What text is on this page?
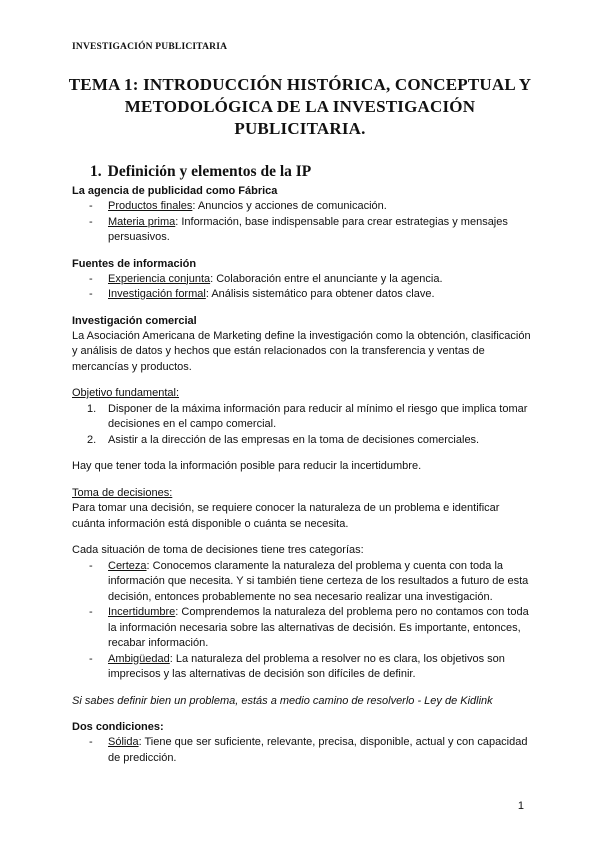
INVESTIGACIÓN PUBLICITARIA
TEMA 1: INTRODUCCIÓN HISTÓRICA, CONCEPTUAL Y METODOLÓGICA DE LA INVESTIGACIÓN PUBLICITARIA.
1. Definición y elementos de la IP

La agencia de publicidad como Fábrica

- Productos finales: Anuncios y acciones de comunicación.
- Materia prima: Información, base indispensable para crear estrategias y mensajes persuasivos.

Fuentes de información

- Experiencia conjunta: Colaboración entre el anunciante y la agencia.
- Investigación formal: Análisis sistemático para obtener datos clave.

Investigación comercial

La Asociación Americana de Marketing define la investigación como la obtención, clasificación y análisis de datos y hechos que están relacionados con la transferencia y ventas de mercancías y productos.

Objetivo fundamental:

1. Disponer de la máxima información para reducir al mínimo el riesgo que implica tomar decisiones en el campo comercial.
2. Asistir a la dirección de las empresas en la toma de decisiones comerciales.

Hay que tener toda la información posible para reducir la incertidumbre.

Toma de decisiones:

Para tomar una decisión, se requiere conocer la naturaleza de un problema e identificar cuánta información está disponible o cuánta se necesita.

Cada situación de toma de decisiones tiene tres categorías:

- Certeza: Conocemos claramente la naturaleza del problema y cuenta con toda la información que necesita. Y si también tiene certeza de los resultados a futuro de esta decisión, entonces probablemente no sea necesario realizar una investigación.
- Incertidumbre: Comprendemos la naturaleza del problema pero no contamos con toda la información necesaria sobre las alternativas de decisión. Es importante, entonces, recabar información.
- Ambigüedad: La naturaleza del problema a resolver no es clara, los objetivos son imprecisos y las alternativas de decisión son difíciles de definir.

Si sabes definir bien un problema, estás a medio camino de resolverlo - Ley de Kidlink

Dos condiciones:

- Sólida: Tiene que ser suficiente, relevante, precisa, disponible, actual y con capacidad de predicción.
1
